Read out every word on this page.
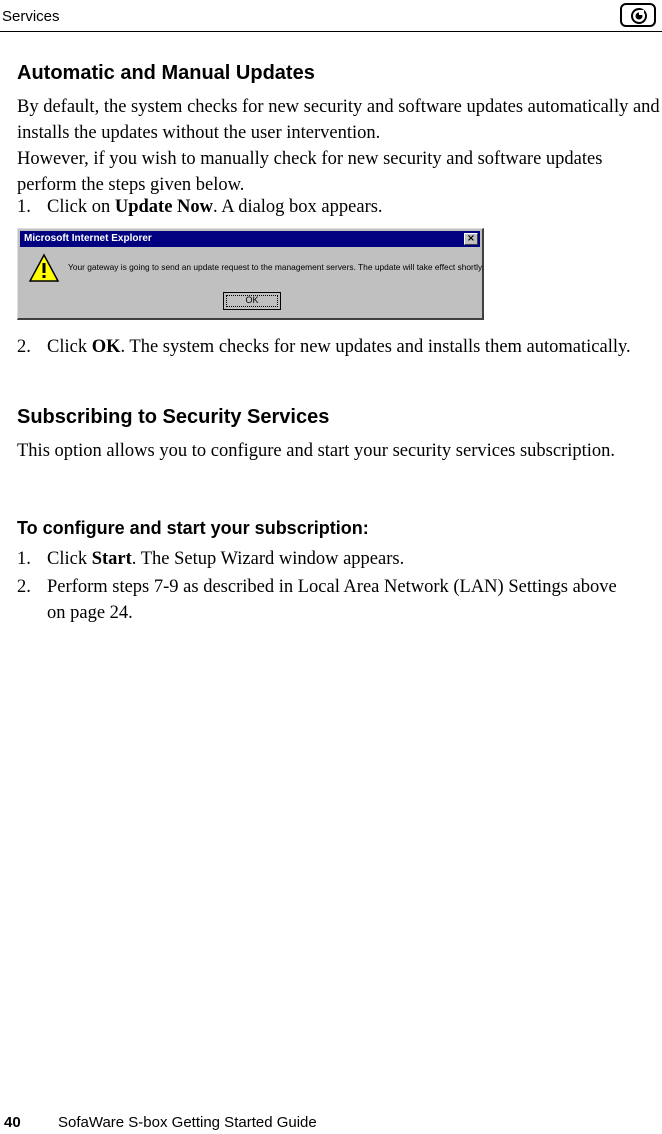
Services
Automatic and Manual Updates

By default, the system checks for new security and software updates automatically and installs the updates without the user intervention.

However, if you wish to manually check for new security and software updates perform the steps given below.

1. Click on Update Now. A dialog box appears.
Microsoft Internet Explorer	×
Your gateway is going to send an update request to the management servers. The update will take effect shortly.
OK
2. Click OK. The system checks for new updates and installs them automatically.
Subscribing to Security Services

This option allows you to configure and start your security services subscription.

To configure and start your subscription:
1. Click Start. The Setup Wizard window appears.
2. Perform steps 7-9 as described in Local Area Network (LAN) Settings above on page 24.
40 SofaWare S-box Getting Started Guide
